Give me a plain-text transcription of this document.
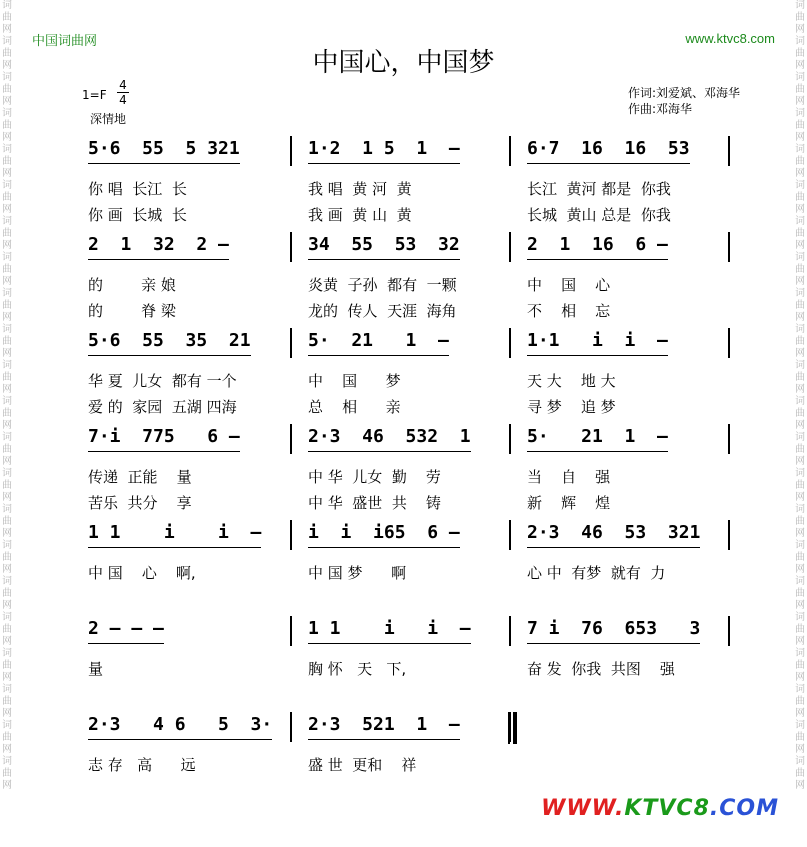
词曲网词曲网词曲网词曲网词曲网词曲网词曲网词曲网词曲网词曲网词曲网词曲网词曲网词曲网词曲网词曲网词曲网词曲网词曲网词曲网词曲网词曲网
词曲网词曲网词曲网词曲网词曲网词曲网词曲网词曲网词曲网词曲网词曲网词曲网词曲网词曲网词曲网词曲网词曲网词曲网词曲网词曲网词曲网词曲网
中国词曲网	www.ktvc8.com
中国心，中国梦
1=F
4
4
深情地
作词:刘爱斌、邓海华
作曲:邓海华
5·6  55  5 321	1·2  1 5  1  –	6·7  16  16  53
你 唱  长江  长	我 唱  黄 河  黄	长江  黄河 都是  你我
你 画  长城  长	我 画  黄 山  黄	长城  黄山 总是  你我
2  1  32  2 –	34  55  53  32	2  1  16  6 –
的        亲 娘	炎黄  子孙  都有  一颗	中    国    心
的        脊 梁	龙的  传人  天涯  海角	不    相    忘
5·6  55  35  21	5·  21   1  –	1·1   i  i  –
华 夏  儿女  都有 一个	中    国      梦	天 大    地 大
爱 的  家园  五湖 四海	总    相      亲	寻 梦    追 梦
7·i  775   6 –	2·3  46  532  1	5·   21  1  –
传递  正能    量	中 华  儿女  勤    劳	当    自    强
苦乐  共分    享	中 华  盛世  共    铸	新    辉    煌
1 1    i    i  –	i  i  i65  6 –	2·3  46  53  321
中 国    心    啊,	中 国 梦      啊	心 中  有梦  就有  力
2 – – –	1 1    i   i  –	7 i  76  653   3
量	胸 怀   天   下,	奋 发  你我  共图    强
2·3   4 6   5  3· 2·3  521  1  –
志 存   高      远	盛 世  更和    祥
WWW.KTVC8.COM
